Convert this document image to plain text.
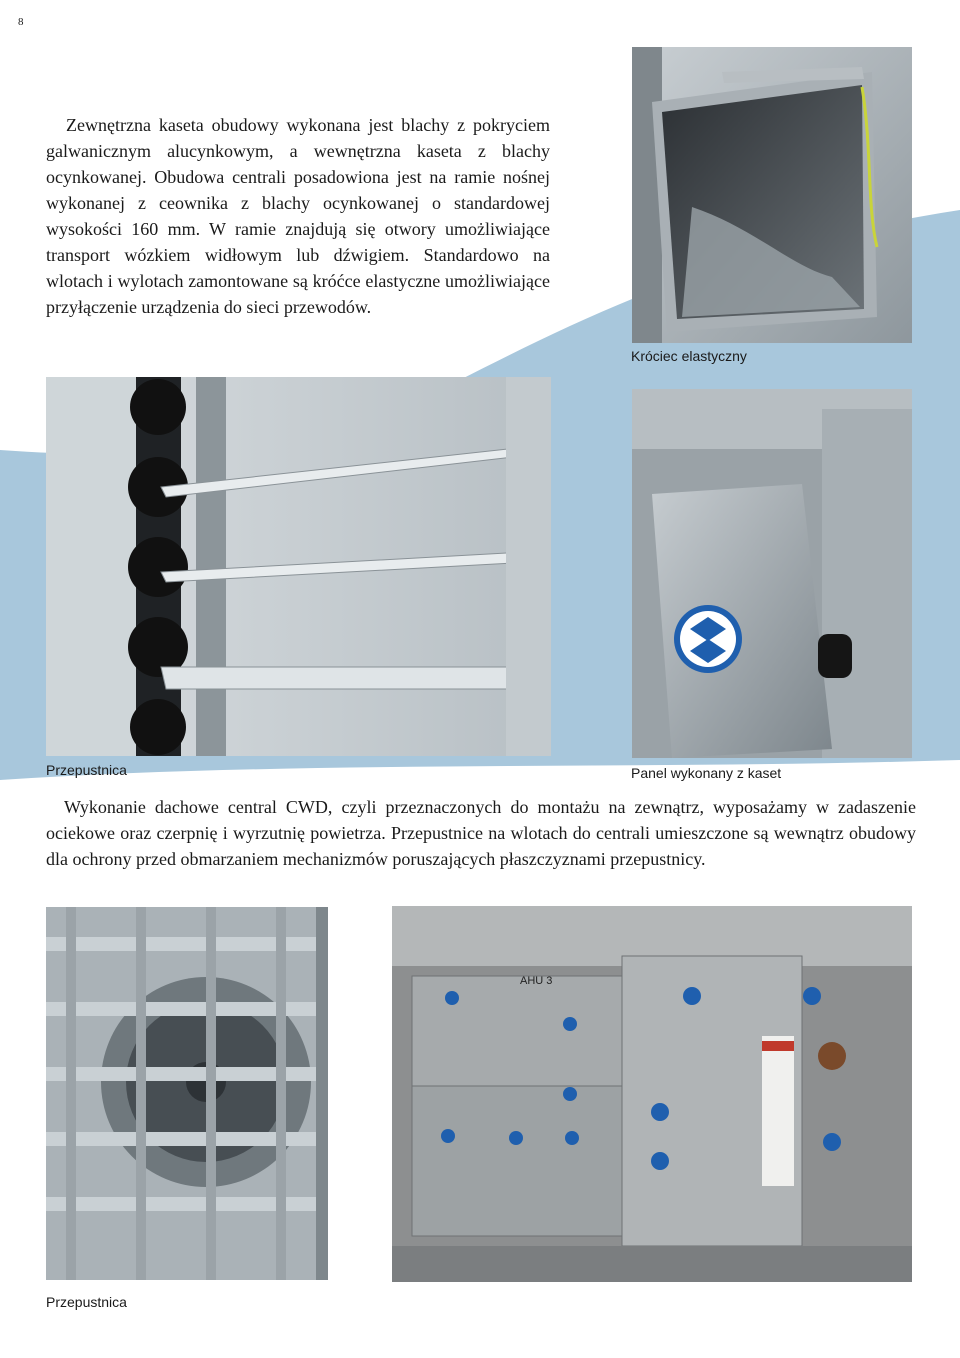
8

Zewnętrzna kaseta obudowy wykonana jest blachy z pokryciem galwanicznym alucynkowym, a wewnętrzna kaseta z blachy ocynkowanej. Obudowa centrali posadowiona jest na ramie nośnej wykonanej z ceownika z blachy ocynkowanej o standardowej wysokości 160 mm. W ramie znajdują się otwory umożliwiające transport wózkiem widłowym lub dźwigiem. Standardowo na wlotach i wylotach zamontowane są króćce elastyczne umożliwiające przyłączenie urządzenia do sieci przewodów.

Króciec elastyczny
Przepustnica	Panel wykonany z kaset

Wykonanie dachowe central CWD, czyli przeznaczonych do montażu na zewnątrz, wyposażamy w zadaszenie ociekowe oraz czerpnię i wyrzutnię powietrza. Przepustnice na wlotach do centrali umieszczone są wewnątrz obudowy dla ochrony przed obmarzaniem mechanizmów poruszających płaszczyznami przepustnicy.

Przepustnica
AHU 3
